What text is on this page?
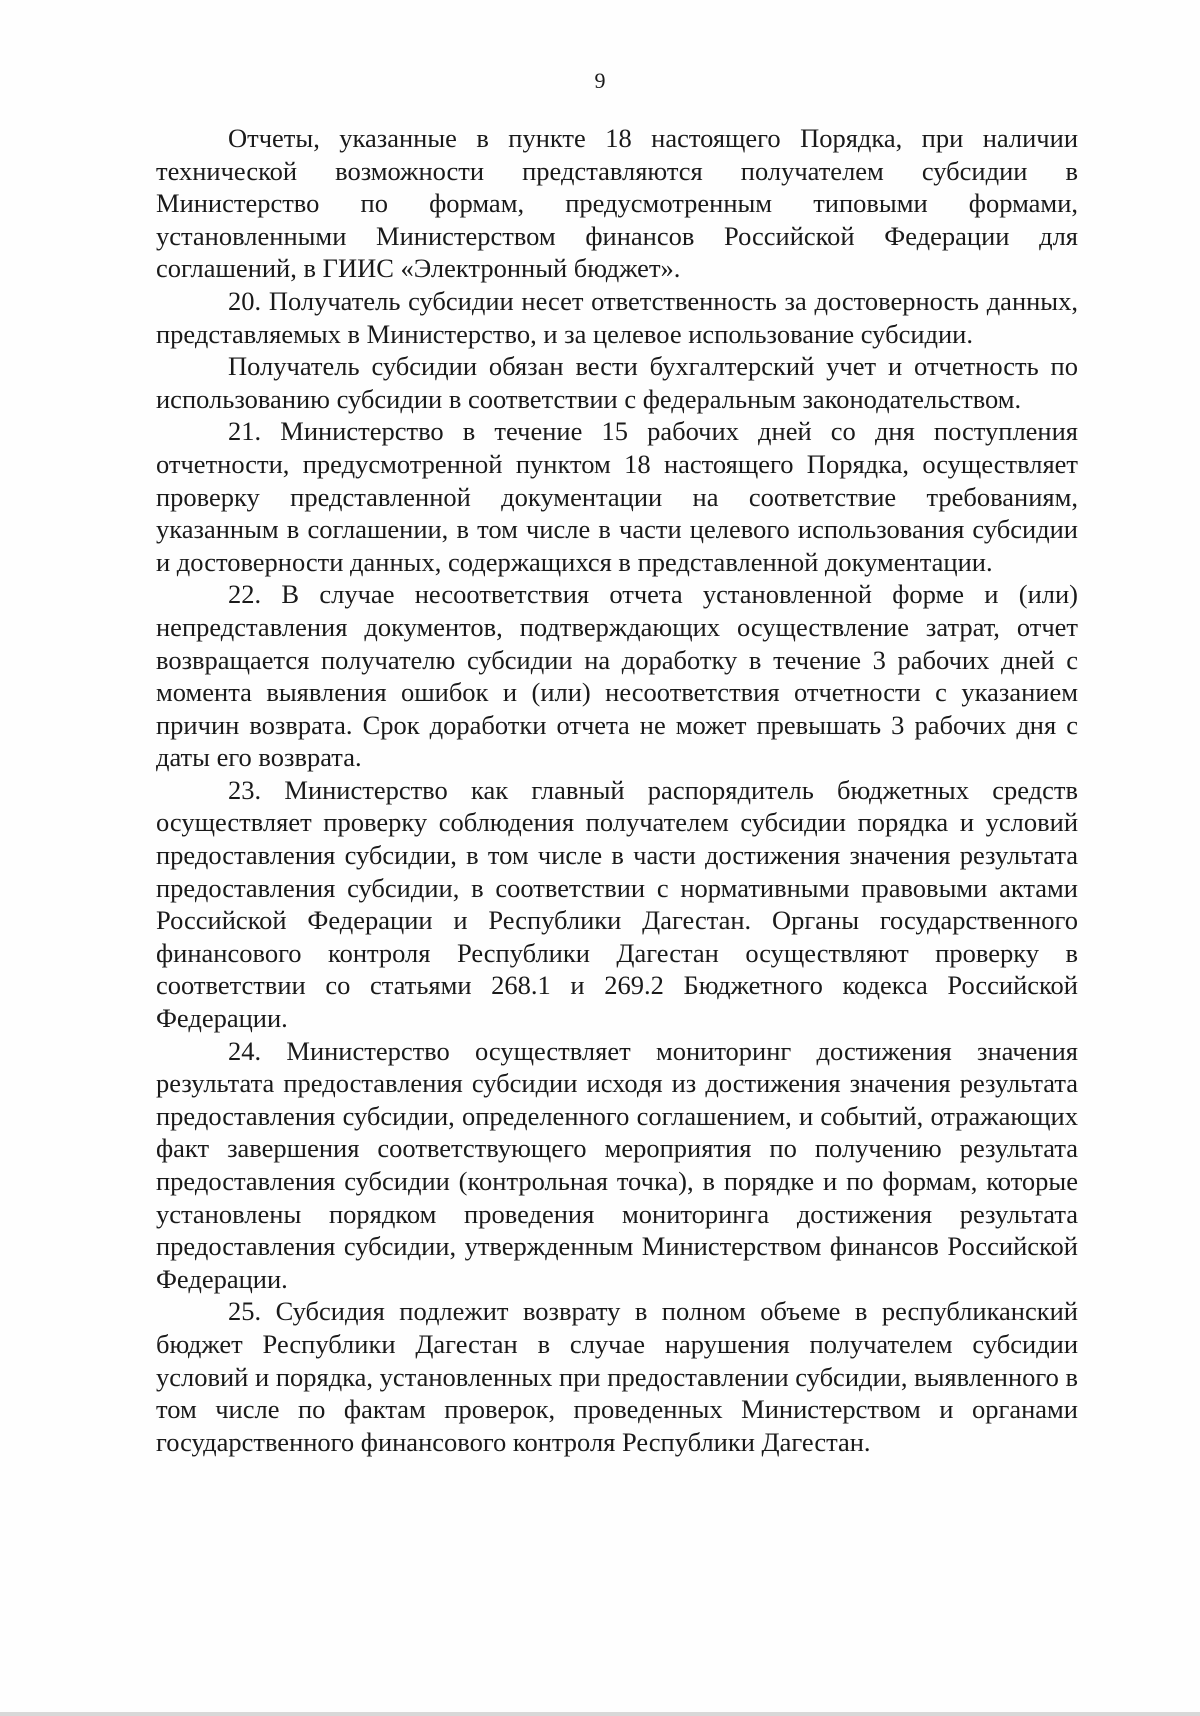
9

Отчеты, указанные в пункте 18 настоящего Порядка, при наличии технической возможности представляются получателем субсидии в Министерство по формам, предусмотренным типовыми формами, установленными Министерством финансов Российской Федерации для соглашений, в ГИИС «Электронный бюджет».

20. Получатель субсидии несет ответственность за достоверность данных, представляемых в Министерство, и за целевое использование субсидии.

Получатель субсидии обязан вести бухгалтерский учет и отчетность по использованию субсидии в соответствии с федеральным законодательством.

21. Министерство в течение 15 рабочих дней со дня поступления отчетности, предусмотренной пунктом 18 настоящего Порядка, осуществляет проверку представленной документации на соответствие требованиям, указанным в соглашении, в том числе в части целевого использования субсидии и достоверности данных, содержащихся в представленной документации.

22. В случае несоответствия отчета установленной форме и (или) непредставления документов, подтверждающих осуществление затрат, отчет возвращается получателю субсидии на доработку в течение 3 рабочих дней с момента выявления ошибок и (или) несоответствия отчетности с указанием причин возврата. Срок доработки отчета не может превышать 3 рабочих дня с даты его возврата.

23. Министерство как главный распорядитель бюджетных средств осуществляет проверку соблюдения получателем субсидии порядка и условий предоставления субсидии, в том числе в части достижения значения результата предоставления субсидии, в соответствии с нормативными правовыми актами Российской Федерации и Республики Дагестан. Органы государственного финансового контроля Республики Дагестан осуществляют проверку в соответствии со статьями 268.1 и 269.2 Бюджетного кодекса Российской Федерации.

24. Министерство осуществляет мониторинг достижения значения результата предоставления субсидии исходя из достижения значения результата предоставления субсидии, определенного соглашением, и событий, отражающих факт завершения соответствующего мероприятия по получению результата предоставления субсидии (контрольная точка), в порядке и по формам, которые установлены порядком проведения мониторинга достижения результата предоставления субсидии, утвержденным Министерством финансов Российской Федерации.

25. Субсидия подлежит возврату в полном объеме в республиканский бюджет Республики Дагестан в случае нарушения получателем субсидии условий и порядка, установленных при предоставлении субсидии, выявленного в том числе по фактам проверок, проведенных Министерством и органами государственного финансового контроля Республики Дагестан.
